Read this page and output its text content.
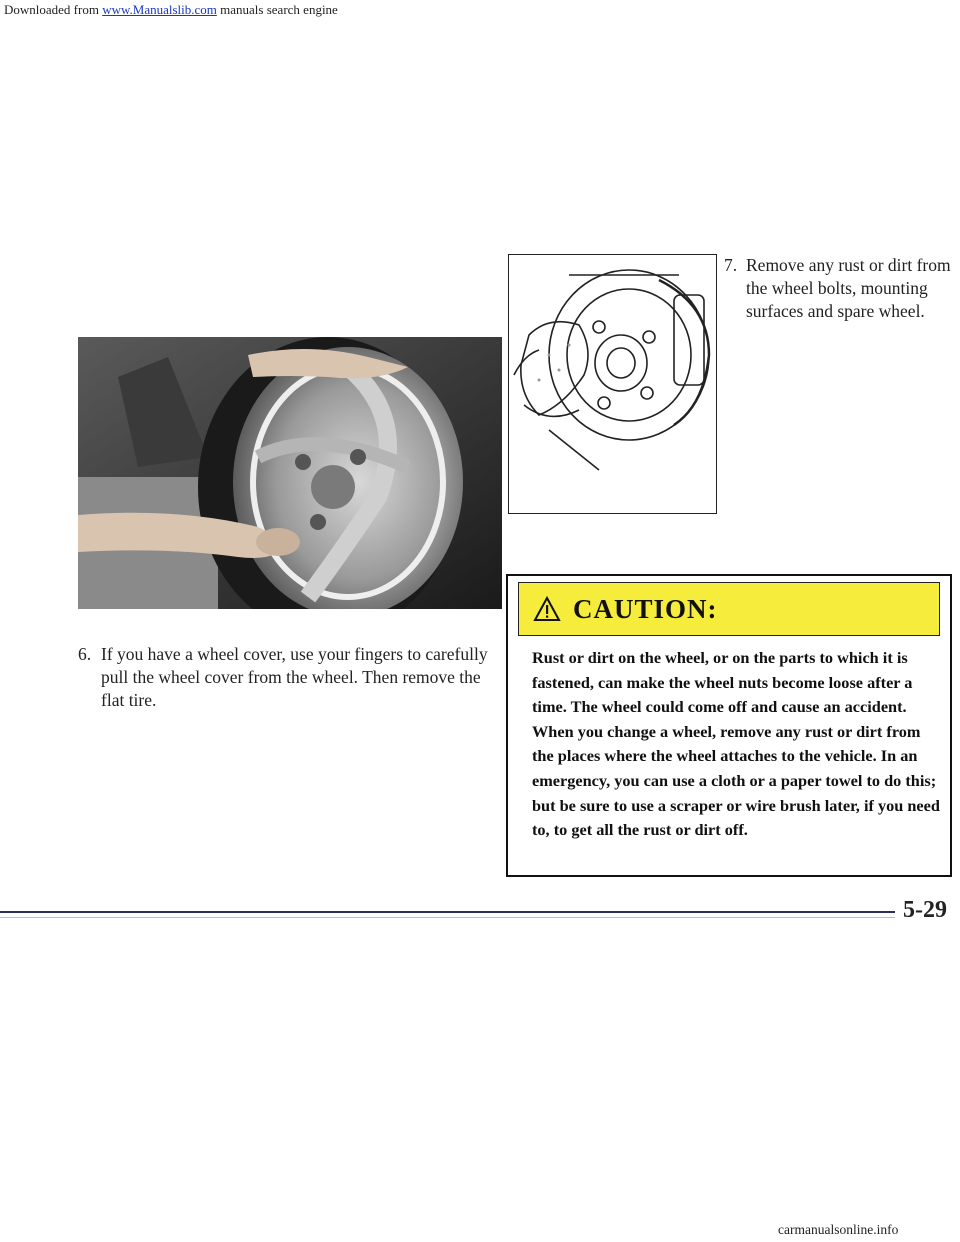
Downloaded from www.Manualslib.com manuals search engine
7. Remove any rust or dirt from the wheel bolts, mounting surfaces and spare wheel.
6. If you have a wheel cover, use your fingers to carefully pull the wheel cover from the wheel. Then remove the flat tire.
CAUTION:
Rust or dirt on the wheel, or on the parts to which it is fastened, can make the wheel nuts become loose after a time. The wheel could come off and cause an accident. When you change a wheel, remove any rust or dirt from the places where the wheel attaches to the vehicle. In an emergency, you can use a cloth or a paper towel to do this; but be sure to use a scraper or wire brush later, if you need to, to get all the rust or dirt off.
5-29
carmanualsonline.info
